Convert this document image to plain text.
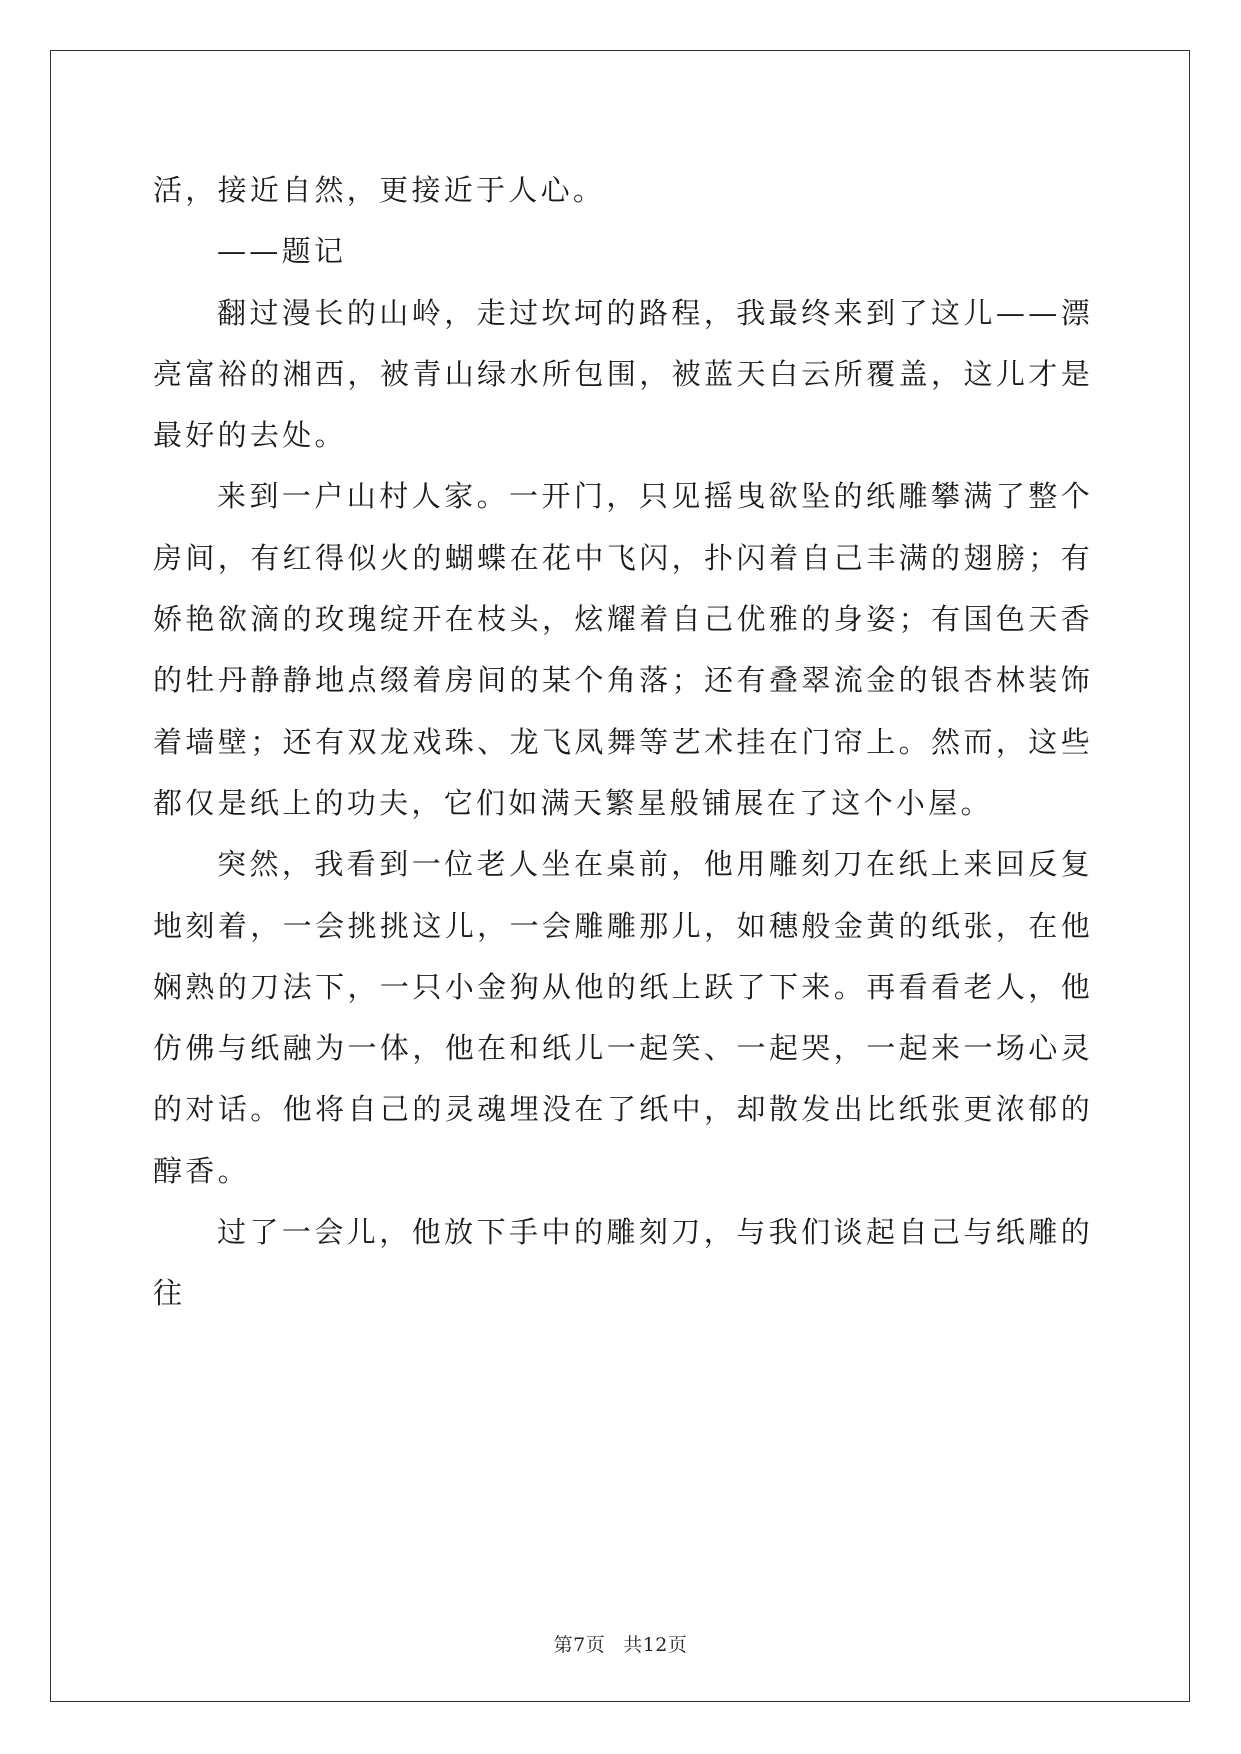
活，接近自然，更接近于人心。

——题记

翻过漫长的山岭，走过坎坷的路程，我最终来到了这儿——漂亮富裕的湘西，被青山绿水所包围，被蓝天白云所覆盖，这儿才是最好的去处。

来到一户山村人家。一开门，只见摇曳欲坠的纸雕攀满了整个房间，有红得似火的蝴蝶在花中飞闪，扑闪着自己丰满的翅膀；有娇艳欲滴的玫瑰绽开在枝头，炫耀着自己优雅的身姿；有国色天香的牡丹静静地点缀着房间的某个角落；还有叠翠流金的银杏林装饰着墙壁；还有双龙戏珠、龙飞凤舞等艺术挂在门帘上。然而，这些都仅是纸上的功夫，它们如满天繁星般铺展在了这个小屋。

突然，我看到一位老人坐在桌前，他用雕刻刀在纸上来回反复地刻着，一会挑挑这儿，一会雕雕那儿，如穗般金黄的纸张，在他娴熟的刀法下，一只小金狗从他的纸上跃了下来。再看看老人，他仿佛与纸融为一体，他在和纸儿一起笑、一起哭，一起来一场心灵的对话。他将自己的灵魂埋没在了纸中，却散发出比纸张更浓郁的醇香。

过了一会儿，他放下手中的雕刻刀，与我们谈起自己与纸雕的往

第7页 共12页
